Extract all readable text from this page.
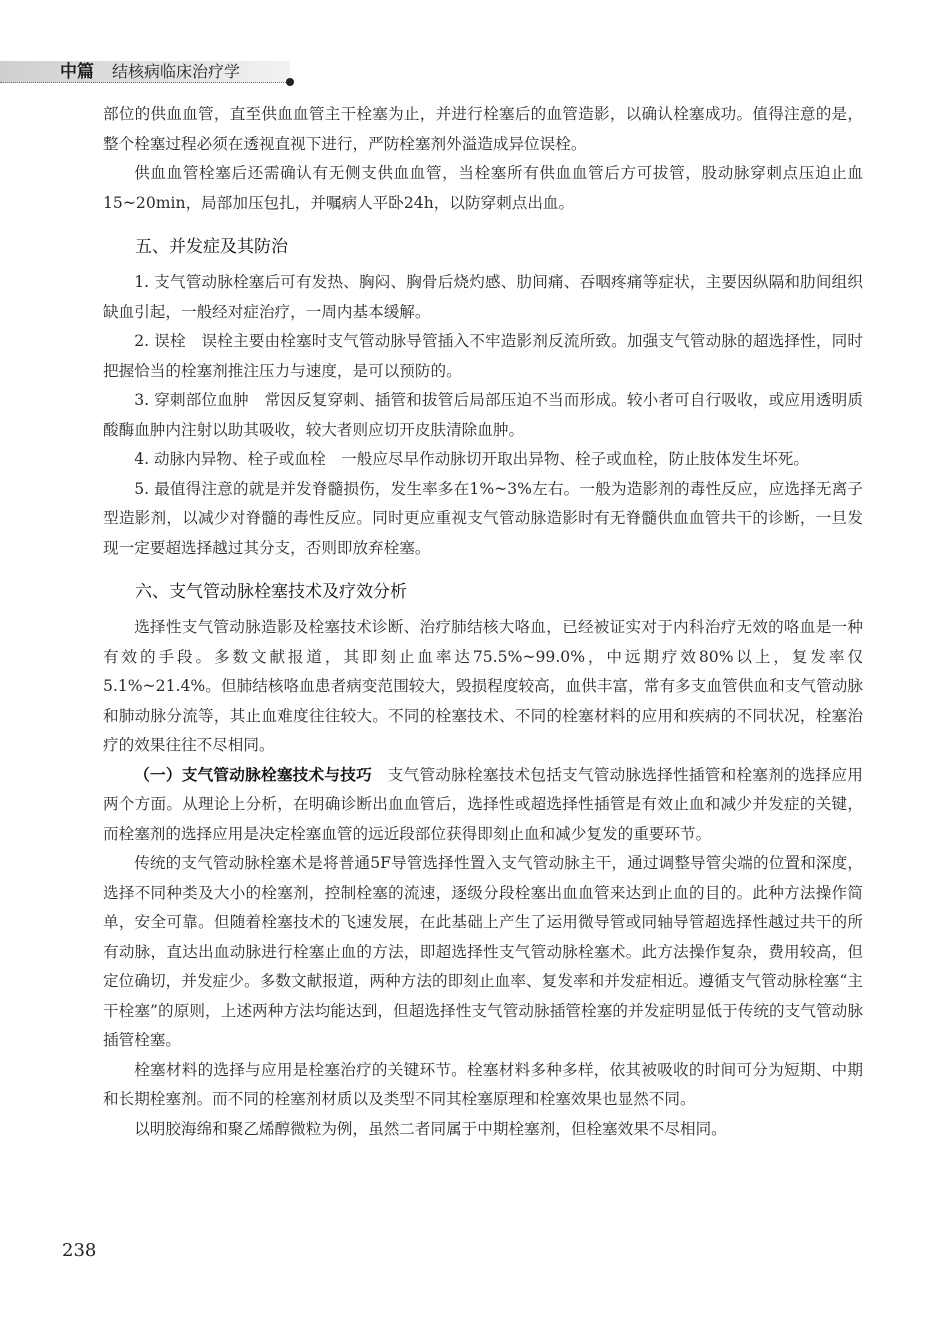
中篇 结核病临床治疗学

部位的供血血管，直至供血血管主干栓塞为止，并进行栓塞后的血管造影，以确认栓塞成功。值得注意的是，整个栓塞过程必须在透视直视下进行，严防栓塞剂外溢造成异位误栓。

供血血管栓塞后还需确认有无侧支供血血管，当栓塞所有供血血管后方可拔管，股动脉穿刺点压迫止血15~20min，局部加压包扎，并嘱病人平卧24h，以防穿刺点出血。

五、并发症及其防治

1. 支气管动脉栓塞后可有发热、胸闷、胸骨后烧灼感、肋间痛、吞咽疼痛等症状，主要因纵隔和肋间组织缺血引起，一般经对症治疗，一周内基本缓解。

2. 误栓　误栓主要由栓塞时支气管动脉导管插入不牢造影剂反流所致。加强支气管动脉的超选择性，同时把握恰当的栓塞剂推注压力与速度，是可以预防的。

3. 穿刺部位血肿　常因反复穿刺、插管和拔管后局部压迫不当而形成。较小者可自行吸收，或应用透明质酸酶血肿内注射以助其吸收，较大者则应切开皮肤清除血肿。

4. 动脉内异物、栓子或血栓　一般应尽早作动脉切开取出异物、栓子或血栓，防止肢体发生坏死。

5. 最值得注意的就是并发脊髓损伤，发生率多在1%~3%左右。一般为造影剂的毒性反应，应选择无离子型造影剂，以减少对脊髓的毒性反应。同时更应重视支气管动脉造影时有无脊髓供血血管共干的诊断，一旦发现一定要超选择越过其分支，否则即放弃栓塞。

六、支气管动脉栓塞技术及疗效分析

选择性支气管动脉造影及栓塞技术诊断、治疗肺结核大咯血，已经被证实对于内科治疗无效的咯血是一种有效的手段。多数文献报道，其即刻止血率达75.5%~99.0%，中远期疗效80%以上，复发率仅5.1%~21.4%。但肺结核咯血患者病变范围较大，毁损程度较高，血供丰富，常有多支血管供血和支气管动脉和肺动脉分流等，其止血难度往往较大。不同的栓塞技术、不同的栓塞材料的应用和疾病的不同状况，栓塞治疗的效果往往不尽相同。

（一）支气管动脉栓塞技术与技巧　支气管动脉栓塞技术包括支气管动脉选择性插管和栓塞剂的选择应用两个方面。从理论上分析，在明确诊断出血血管后，选择性或超选择性插管是有效止血和减少并发症的关键，而栓塞剂的选择应用是决定栓塞血管的远近段部位获得即刻止血和减少复发的重要环节。

传统的支气管动脉栓塞术是将普通5F导管选择性置入支气管动脉主干，通过调整导管尖端的位置和深度，选择不同种类及大小的栓塞剂，控制栓塞的流速，逐级分段栓塞出血血管来达到止血的目的。此种方法操作简单，安全可靠。但随着栓塞技术的飞速发展，在此基础上产生了运用微导管或同轴导管超选择性越过共干的所有动脉，直达出血动脉进行栓塞止血的方法，即超选择性支气管动脉栓塞术。此方法操作复杂，费用较高，但定位确切，并发症少。多数文献报道，两种方法的即刻止血率、复发率和并发症相近。遵循支气管动脉栓塞“主干栓塞”的原则，上述两种方法均能达到，但超选择性支气管动脉插管栓塞的并发症明显低于传统的支气管动脉插管栓塞。

栓塞材料的选择与应用是栓塞治疗的关键环节。栓塞材料多种多样，依其被吸收的时间可分为短期、中期和长期栓塞剂。而不同的栓塞剂材质以及类型不同其栓塞原理和栓塞效果也显然不同。

以明胶海绵和聚乙烯醇微粒为例，虽然二者同属于中期栓塞剂，但栓塞效果不尽相同。

238
